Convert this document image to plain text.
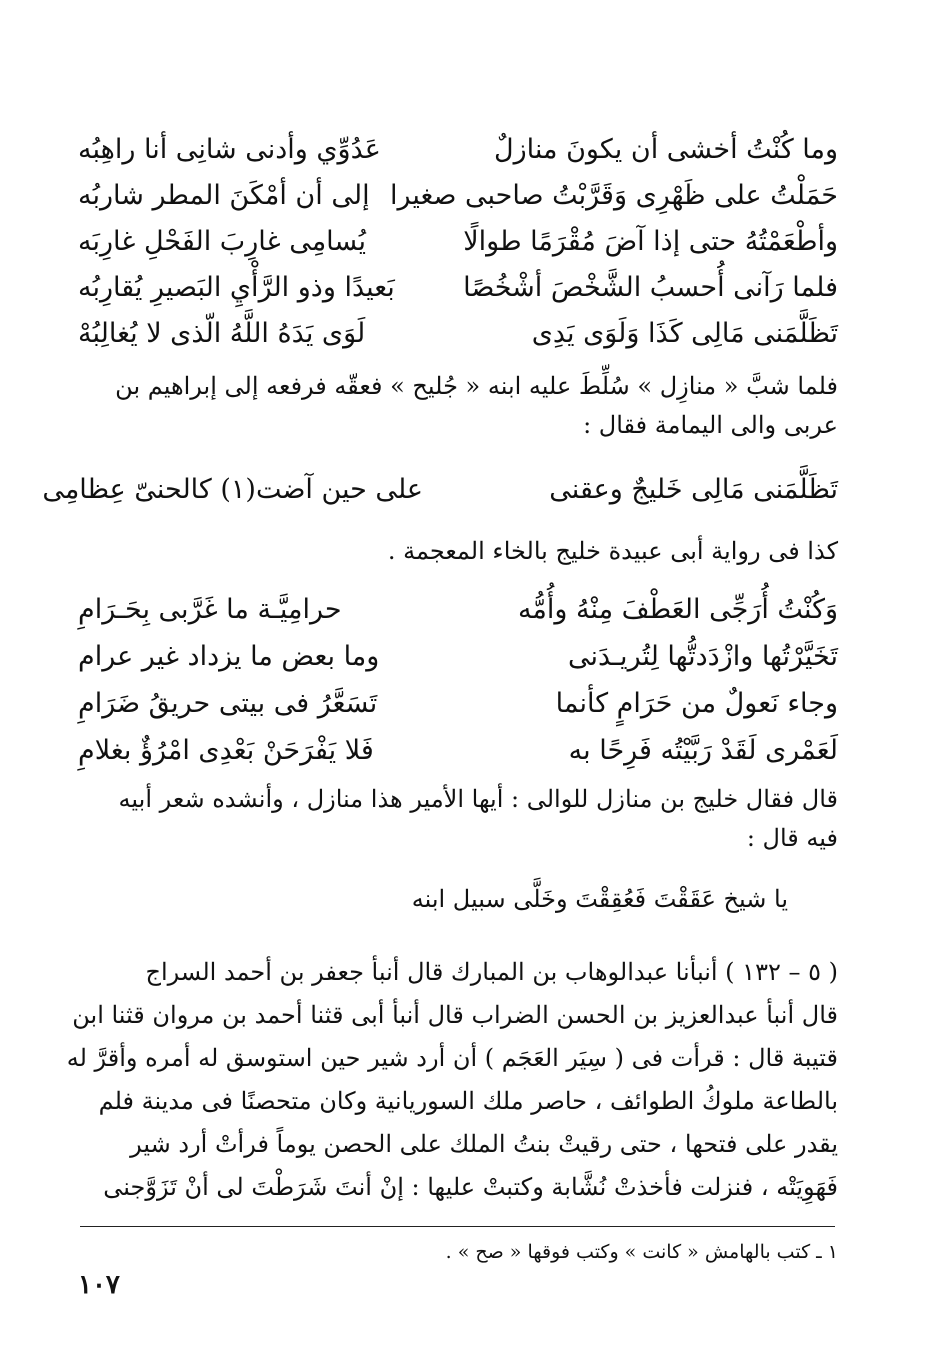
وما كُنْتُ أخشى أن يكونَ منازلٌ
عَدُوِّي وأدنى شانِى أنا راهِبُه
حَمَلْتُ على ظَهْرِى وَقَرَّبْتُ صاحبى صغيرا
إلى أن أمْكَنَ المطر شاربُه
وأطْعَمْتُهُ حتى إذا آضَ مُقْرَمًا طوالًا
يُسامِى غارِبَ الفَحْلِ غارِبَه
فلما رَآنى أُحسبُ الشَّخْصَ أشْخُصًا
بَعيدًا وذو الرَّأْيِ البَصيرِ يُقارِبُه
تَظَلَّمَنى مَالِى كَذَا وَلَوَى يَدِى
لَوَى يَدَهُ اللَّهُ الّذى لا يُغالِبُهْ
فلما شبَّ « منازِل » سُلِّطَ عليه ابنه « جُليح » فعقّه فرفعه إلى إبراهيم بن
عربى والى اليمامة فقال :
تَظَلَّمَنى مَالِى خَليجٌ وعقنى
على حين آضت(١) كالحنىّ عِظامِى
كذا فى رواية أبى عبيدة خليج بالخاء المعجمة .
وَكُنْتُ أُرَجِّى العَطْفَ مِنْهُ وأُمُّه
حرامِيَّـة ما غَرَّبى بِحَـرَامِ
تَخَيَّرْتُها وازْدَدتُّها لِتُريـدَنى
وما بعض ما يزداد غير عرام
وجاء نَعولٌ من حَرَامٍ كأنما
تَسَعَّرُ فى بيتى حريقُ ضَرَامِ
لَعَمْرى لَقَدْ رَبَّيْتُه فَرِحًا به
فَلا يَفْرَحَنْ بَعْدِى امْرُؤٌ بغلامِ
قال فقال خليج بن منازل للوالى : أيها الأمير هذا منازل ، وأنشده شعر أبيه
فيه قال :
يا شيخ عَقَقْتَ فَعُقِقْتَ وخَلَّى سبيل ابنه
( ٥ – ١٣٢ ) أنبأنا عبدالوهاب بن المبارك قال أنبأ جعفر بن أحمد السراج
قال أنبأ عبدالعزيز بن الحسن الضراب قال أنبأ أبى قثنا أحمد بن مروان قثنا ابن
قتيبة قال : قرأت فى ( سِيَر العَجَم ) أن أرد شير حين استوسق له أمره وأقرَّ له
بالطاعة ملوكُ الطوائف ، حاصر ملك السوريانية وكان متحصنًا فى مدينة فلم
يقدر على فتحها ، حتى رقيتْ بنتُ الملك على الحصن يوماً فرأتْ أرد شير
فَهَوِيَتْه ، فنزلت فأخذتْ نُشَّابة وكتبتْ عليها : إنْ أنتَ شَرَطْتَ لى أنْ تَزَوَّجنى
١ ـ كتب بالهامش « كانت » وكتب فوقها « صح » .
١٠٧
